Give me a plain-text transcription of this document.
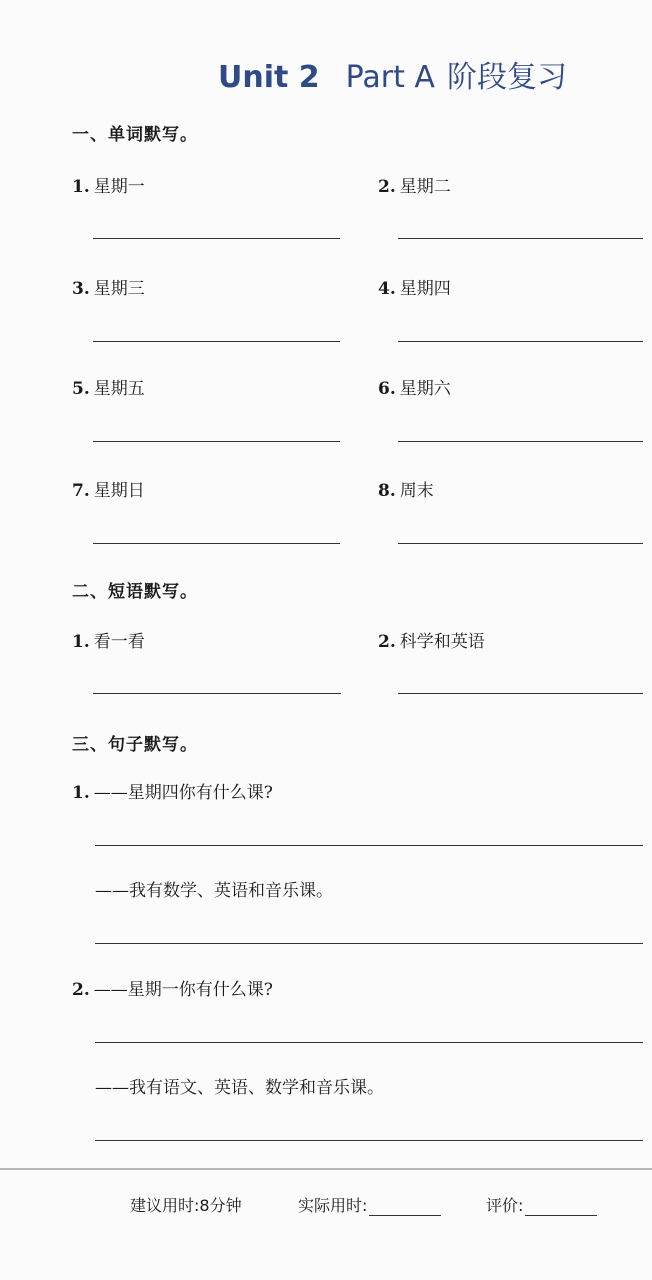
Unit 2 Part A 阶段复习
一、单词默写。
1. 星期一	2. 星期二
3. 星期三	4. 星期四
5. 星期五	6. 星期六
7. 星期日	8. 周末
二、短语默写。
1. 看一看	2. 科学和英语
三、句子默写。
1. ——星期四你有什么课?
——我有数学、英语和音乐课。
2. ——星期一你有什么课?
——我有语文、英语、数学和音乐课。
建议用时:8分钟	实际用时:	评价:
